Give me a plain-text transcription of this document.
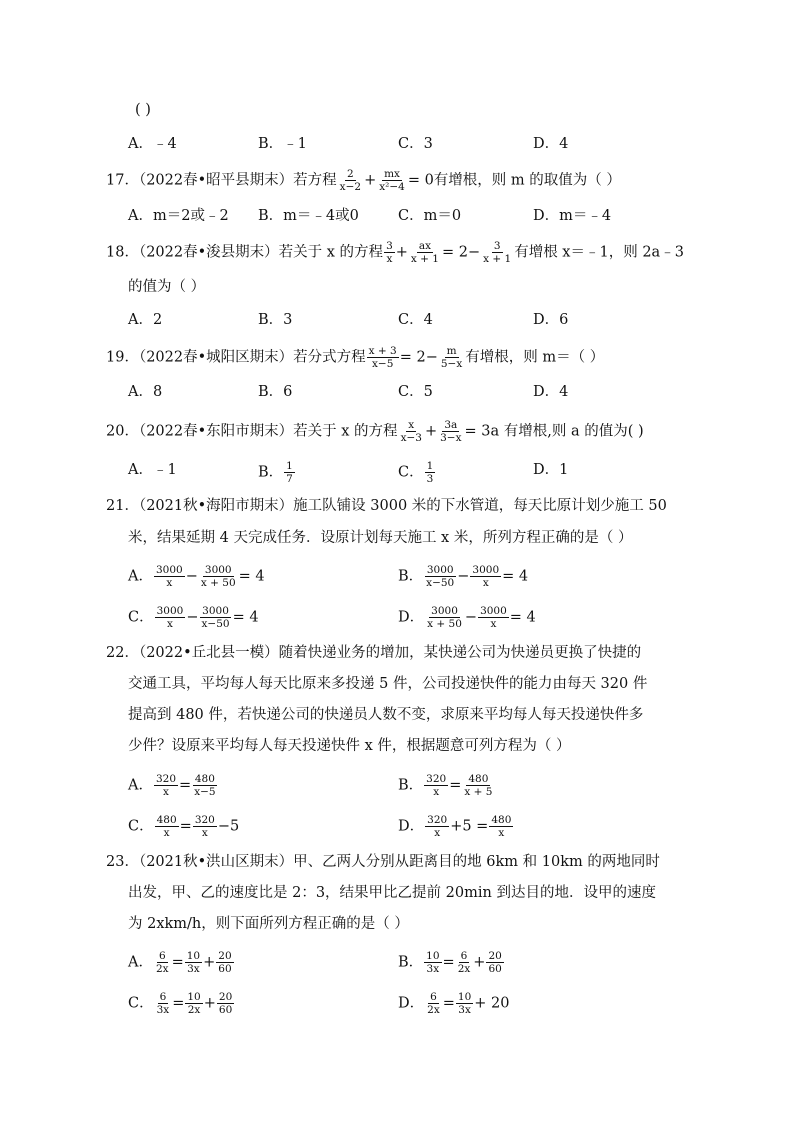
( )
A．﹣4	B．﹣1	C．3	D．4
17．（2022春•昭平县期末）若方程 $\frac{2}{x-2} + \frac{mx}{\text{x²−4}} = 0$有增根，则 m 的取值为（ ）
A．m＝2或﹣2 B．m＝﹣4或0	C．m＝0	D．m＝﹣4
18．（2022春•浚县期末）若关于 x 的方程 $\frac{3}{x} + \frac{ax}{x + 1} = 2- \frac{3}{x + 1}$ 有增根 x＝﹣1，则 2a﹣3
的值为（ ）
A．2	B．3	C．4	D．6
19．（2022春•城阳区期末）若分式方程 $\frac{x + 3}{x-5} = 2- \frac{m}{5-x}$ 有增根，则 m＝（ ）
A．8	B．6	C．5	D．4
20．（2022春•东阳市期末）若关于 x 的方程 $\frac{x}{x-3} + \frac{3a}{3-x} = 3a$ 有增根,则 a 的值为( )
A．﹣1	B． $\frac{1}{7}$	C． $\frac{1}{3}$	D．1
21．（2021秋•海阳市期末）施工队铺设 3000 米的下水管道，每天比原计划少施工 50
米，结果延期 4 天完成任务．设原计划每天施工 x 米，所列方程正确的是（ ）
A． $\frac{3000}{x} - \frac{3000}{x + 50} = 4$	B． $\frac{3000}{x-50} - \frac{3000}{x} = 4$
C． $\frac{3000}{x} - \frac{3000}{x-50} = 4$	D． $\frac{3000}{x + 50} - \frac{3000}{x} = 4$
22．（2022•丘北县一模）随着快递业务的增加，某快递公司为快递员更换了快捷的
交通工具，平均每人每天比原来多投递 5 件，公司投递快件的能力由每天 320 件
提高到 480 件，若快递公司的快递员人数不变，求原来平均每人每天投递快件多
少件？设原来平均每人每天投递快件 x 件，根据题意可列方程为（ ）
A． $\frac{320}{x} = \frac{480}{x-5}$	B． $\frac{320}{x} = \frac{480}{x + 5}$
C． $\frac{480}{x} = \frac{320}{x} -5$	D． $\frac{320}{x} +5 = \frac{480}{x}$
23．（2021秋•洪山区期末）甲、乙两人分别从距离目的地 6km 和 10km 的两地同时
出发，甲、乙的速度比是 2：3，结果甲比乙提前 20min 到达目的地．设甲的速度
为 2xkm/h，则下面所列方程正确的是（ ）
A． $\frac{6}{2x} = \frac{10}{3x} + \frac{20}{60}$	B． $\frac{10}{3x} = \frac{6}{2x} + \frac{20}{60}$
C． $\frac{6}{3x} = \frac{10}{2x} + \frac{20}{60}$	D． $\frac{6}{2x} = \frac{10}{3x} + 20$
